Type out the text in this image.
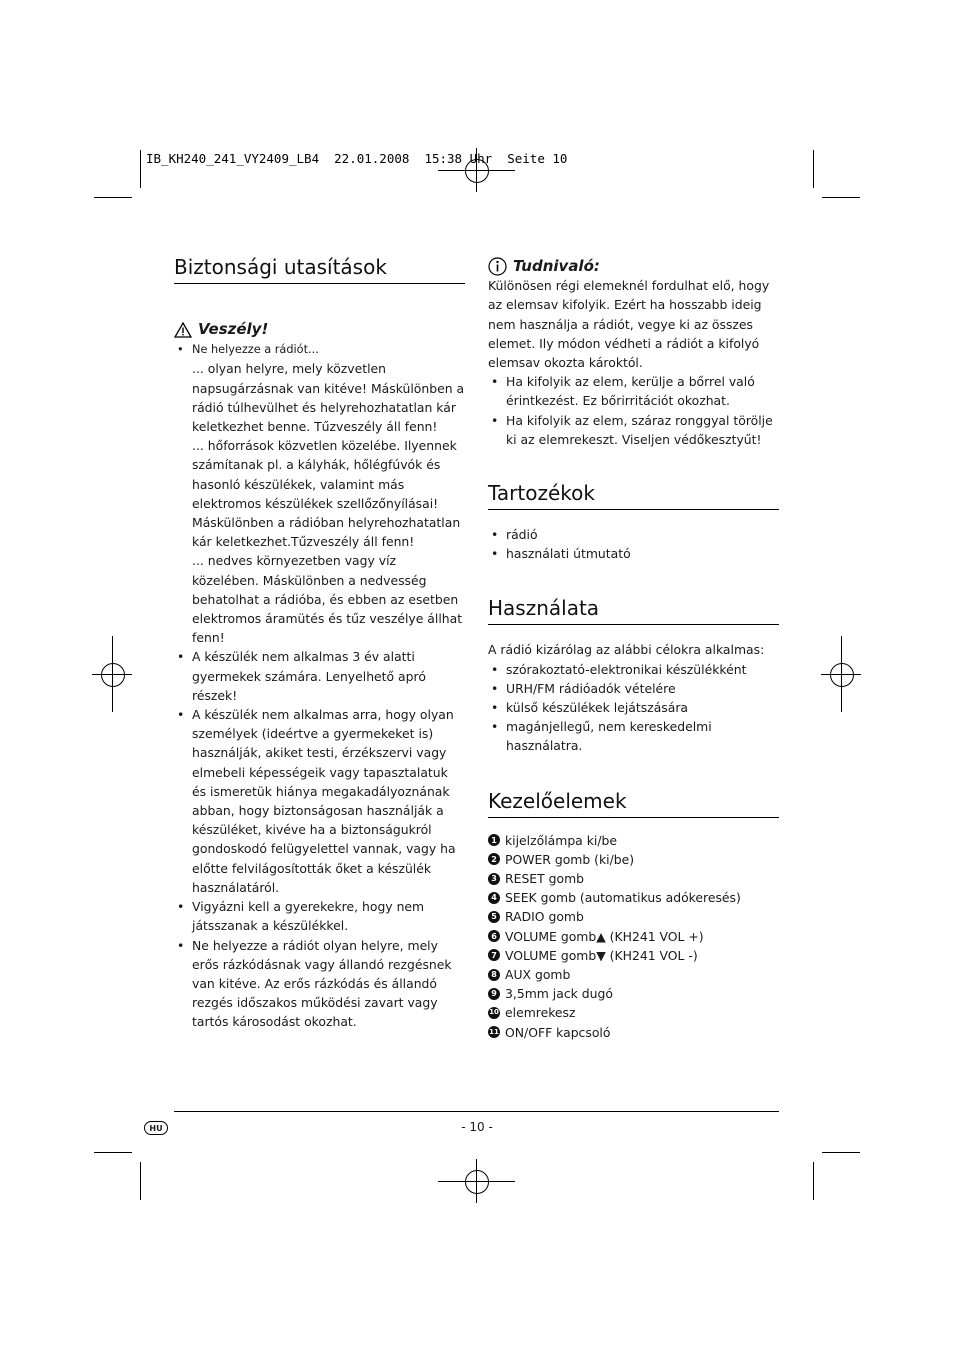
IB_KH240_241_VY2409_LB4  22.01.2008  15:38 Uhr  Seite 10
Biztonsági utasítások
Veszély!
• Ne helyezze a rádiót...
... olyan helyre, mely közvetlen napsugárzásnak van kitéve! Máskülönben a rádió túlhevülhet és helyrehozhatatlan kár keletkezhet benne. Tűzveszély áll fenn!
... hőforrások közvetlen közelébe. Ilyennek számítanak pl. a kályhák, hőlégfúvók és hasonló készülékek, valamint más elektromos készülékek szellőzőnyílásai! Máskülönben a rádióban helyrehozhatatlan kár keletkezhet.Tűzveszély áll fenn!
... nedves környezetben vagy víz közelében. Máskülönben a nedvesség behatolhat a rádióba, és ebben az esetben elektromos áramütés és tűz veszélye állhat fenn!
• A készülék nem alkalmas 3 év alatti gyermekek számára. Lenyelhető apró részek!
• A készülék nem alkalmas arra, hogy olyan személyek (ideértve a gyermekeket is) használják, akiket testi, érzékszervi vagy elmebeli képességeik vagy tapasztalatuk és ismeretük hiánya megakadályoznának abban, hogy biztonságosan használják a készüléket, kivéve ha a biztonságukról gondoskodó felügyelettel vannak, vagy ha előtte felvilágosították őket a készülék használatáról.
• Vigyázni kell a gyerekekre, hogy nem játsszanak a készülékkel.
• Ne helyezze a rádiót olyan helyre, mely erős rázkódásnak vagy állandó rezgésnek van kitéve. Az erős rázkódás és állandó rezgés időszakos működési zavart vagy tartós károsodást okozhat.
Tudnivaló:

Különösen régi elemeknél fordulhat elő, hogy az elemsav kifolyik. Ezért ha hosszabb ideig nem használja a rádiót, vegye ki az összes elemet. Ily módon védheti a rádiót a kifolyó elemsav okozta károktól.

• Ha kifolyik az elem, kerülje a bőrrel való érintkezést. Ez bőrirritációt okozhat.
• Ha kifolyik az elem, száraz ronggyal törölje ki az elemrekeszt. Viseljen védőkesztyűt!
Tartozékok
• rádió
• használati útmutató
Használata

A rádió kizárólag az alábbi célokra alkalmas:

• szórakoztató-elektronikai készülékként
• URH/FM rádióadók vételére
• külső készülékek lejátszására
• magánjellegű, nem kereskedelmi használatra.
Kezelőelemek
1 kijelzőlámpa ki/be
2 POWER gomb (ki/be)
3 RESET gomb
4 SEEK gomb (automatikus adókeresés)
5 RADIO gomb
6 VOLUME gomb▲ (KH241 VOL +)
7 VOLUME gomb▼ (KH241 VOL -)
8 AUX gomb
9 3,5mm jack dugó
10 elemrekesz
11 ON/OFF kapcsoló
HU	- 10 -
